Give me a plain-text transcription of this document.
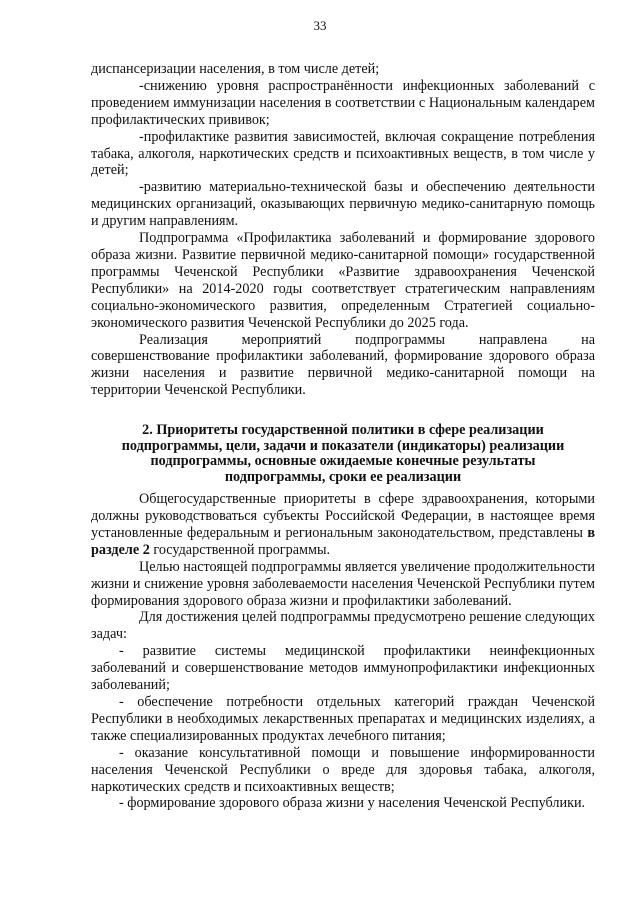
33

диспансеризации населения, в том числе детей;

-снижению уровня распространённости инфекционных заболеваний с проведением иммунизации населения в соответствии с Национальным календарем профилактических прививок;

-профилактике развития зависимостей, включая сокращение потребления табака, алкоголя, наркотических средств и психоактивных веществ, в том числе у детей;

-развитию материально-технической базы и обеспечению деятельности медицинских организаций, оказывающих первичную медико-санитарную помощь и другим направлениям.

Подпрограмма «Профилактика заболеваний и формирование здорового образа жизни. Развитие первичной медико-санитарной помощи» государственной программы Чеченской Республики «Развитие здравоохранения Чеченской Республики» на 2014-2020 годы соответствует стратегическим направлениям социально-экономического развития, определенным Стратегией социально-экономического развития Чеченской Республики до 2025 года.

Реализация мероприятий подпрограммы направлена на совершенствование профилактики заболеваний, формирование здорового образа жизни населения и развитие первичной медико-санитарной помощи на территории Чеченской Республики.

2. Приоритеты государственной политики в сфере реализации подпрограммы, цели, задачи и показатели (индикаторы) реализации подпрограммы, основные ожидаемые конечные результаты подпрограммы, сроки ее реализации

Общегосударственные приоритеты в сфере здравоохранения, которыми должны руководствоваться субъекты Российской Федерации, в настоящее время установленные федеральным и региональным законодательством, представлены в разделе 2 государственной программы.

Целью настоящей подпрограммы является увеличение продолжительности жизни и снижение уровня заболеваемости населения Чеченской Республики путем формирования здорового образа жизни и профилактики заболеваний.

Для достижения целей подпрограммы предусмотрено решение следующих задач:

- развитие системы медицинской профилактики неинфекционных заболеваний и совершенствование методов иммунопрофилактики инфекционных заболеваний;

- обеспечение потребности отдельных категорий граждан Чеченской Республики в необходимых лекарственных препаратах и медицинских изделиях, а также специализированных продуктах лечебного питания;

- оказание консультативной помощи и повышение информированности населения Чеченской Республики о вреде для здоровья табака, алкоголя, наркотических средств и психоактивных веществ;

- формирование здорового образа жизни у населения Чеченской Республики.
